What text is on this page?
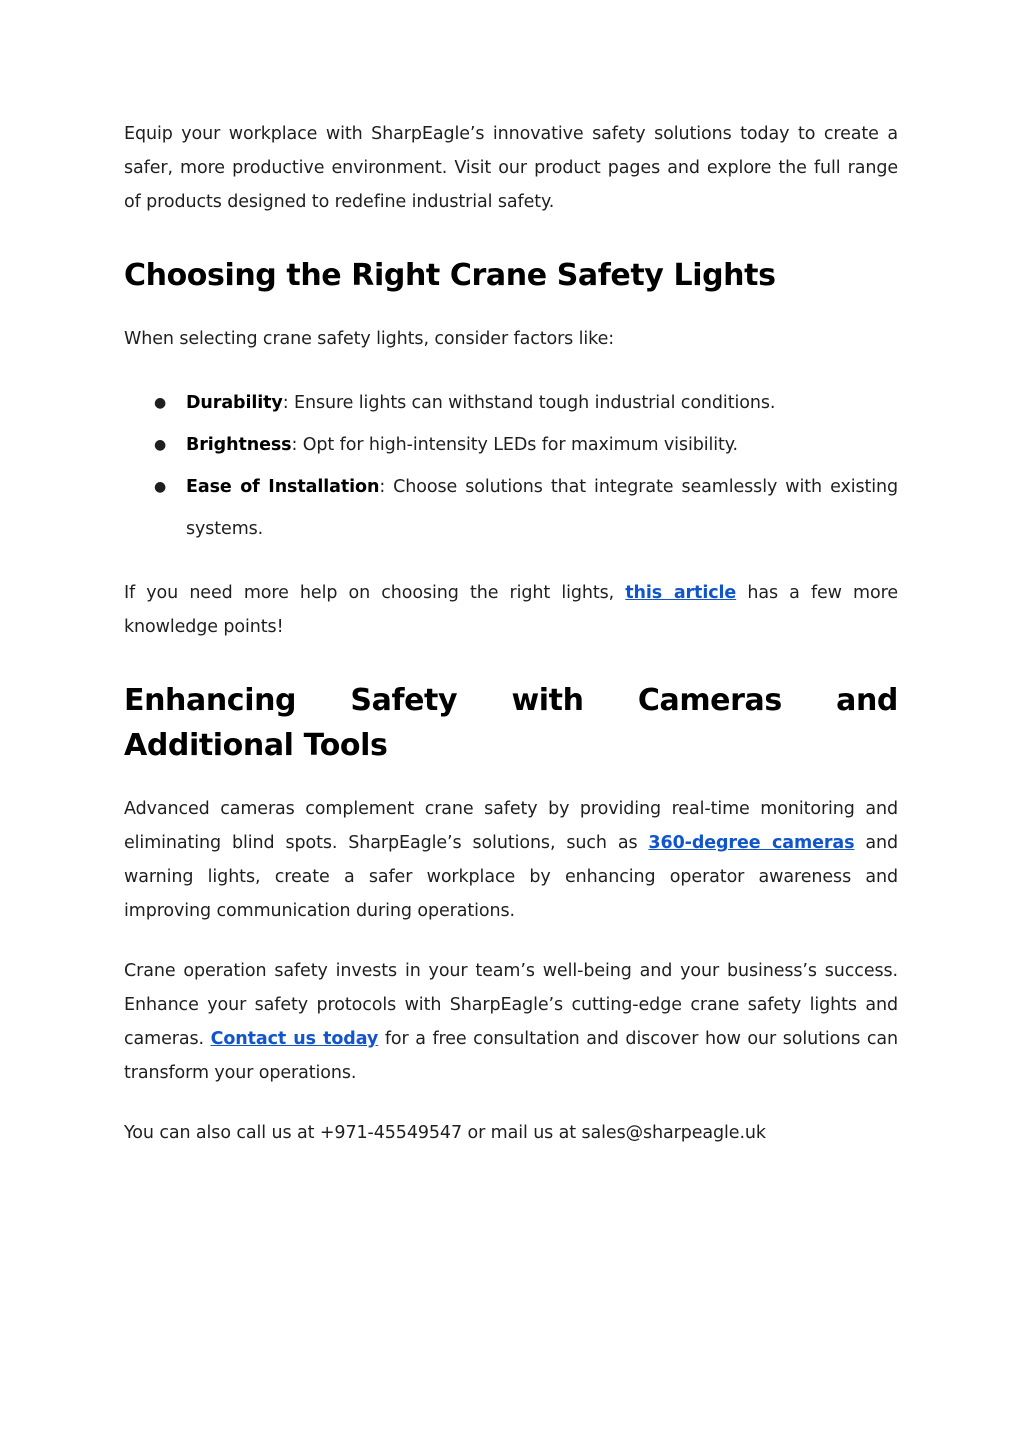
Equip your workplace with SharpEagle’s innovative safety solutions today to create a safer, more productive environment. Visit our product pages and explore the full range of products designed to redefine industrial safety.

Choosing the Right Crane Safety Lights

When selecting crane safety lights, consider factors like:

● Durability: Ensure lights can withstand tough industrial conditions.
● Brightness: Opt for high-intensity LEDs for maximum visibility.
● Ease of Installation: Choose solutions that integrate seamlessly with existing systems.

If you need more help on choosing the right lights, this article has a few more knowledge points!

Enhancing Safety with Cameras and Additional Tools

Advanced cameras complement crane safety by providing real-time monitoring and eliminating blind spots. SharpEagle’s solutions, such as 360-degree cameras and warning lights, create a safer workplace by enhancing operator awareness and improving communication during operations.

Crane operation safety invests in your team’s well-being and your business’s success. Enhance your safety protocols with SharpEagle’s cutting-edge crane safety lights and cameras. Contact us today for a free consultation and discover how our solutions can transform your operations.

You can also call us at +971-45549547 or mail us at sales@sharpeagle.uk
